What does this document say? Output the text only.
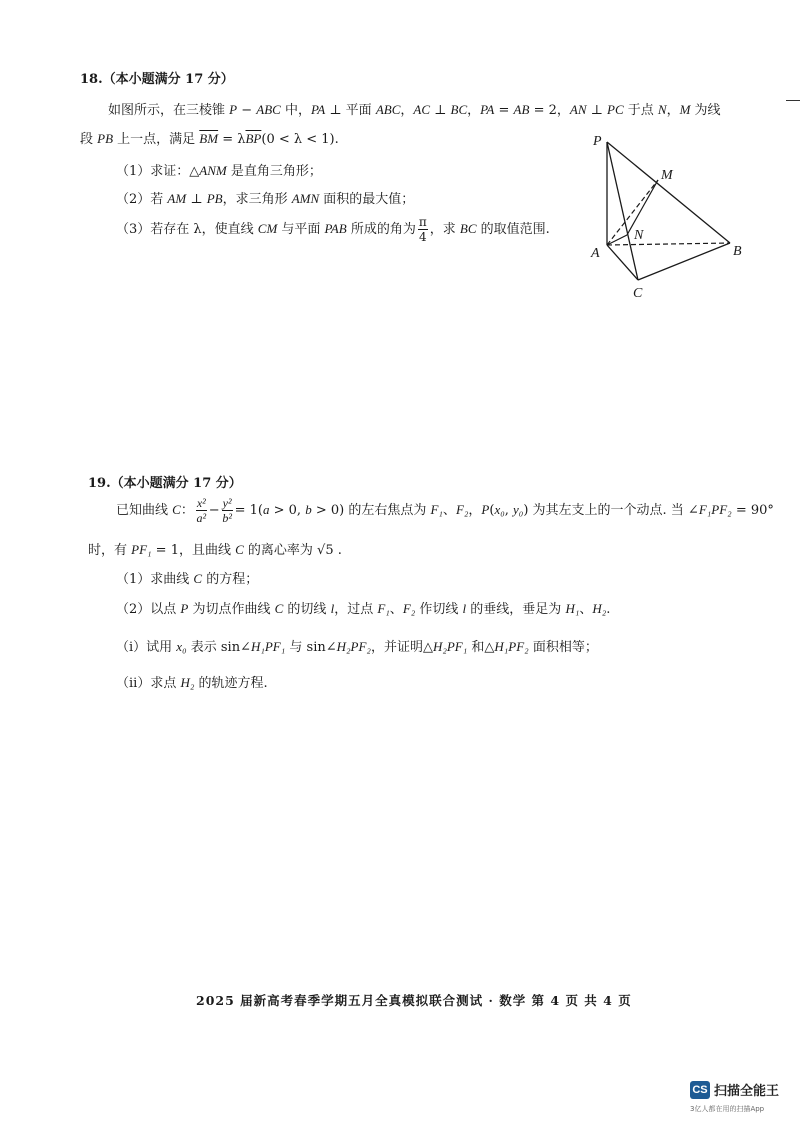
18.（本小题满分 17 分）
如图所示，在三棱锥 P − ABC 中，PA ⊥ 平面 ABC，AC ⊥ BC，PA = AB = 2，AN ⊥ PC 于点 N，M 为线
段 PB 上一点，满足 $\overline{BM} = \lambda\overline{BP}(0 < \lambda < 1)$.
（1）求证：△ANM 是直角三角形；
（2）若 AM ⊥ PB，求三角形 AMN 面积的最大值；
（3）若存在 λ，使直线 CM 与平面 PAB 所成的角为 $\frac{\pi}{4}$ ，求 BC 的取值范围.
P
M
N
A	B
C
19.（本小题满分 17 分）
已知曲线 C： $\frac{\text{x²}}{\text{a²}} - \frac{\text{y²}}{\text{b²}} = 1(a > 0$, b > 0) 的左右焦点为 F₁、F₂，P(x₀, y₀) 为其左支上的一个动点. 当 ∠F₁PF₂ = 90°
时，有 PF₁ = 1，且曲线 C 的离心率为 √5 .
（1）求曲线 C 的方程；
（2）以点 P 为切点作曲线 C 的切线 l，过点 F₁、F₂ 作切线 l 的垂线，垂足为 H₁、H₂.
（i）试用 x₀ 表示 sin∠H₁PF₁ 与 sin∠H₂PF₂，并证明△H₂PF₁ 和△H₁PF₂ 面积相等；
（ii）求点 H₂ 的轨迹方程.
2025 届新高考春季学期五月全真模拟联合测试 · 数学 第 4 页 共 4 页
CS 扫描全能王
3亿人都在用的扫描App
